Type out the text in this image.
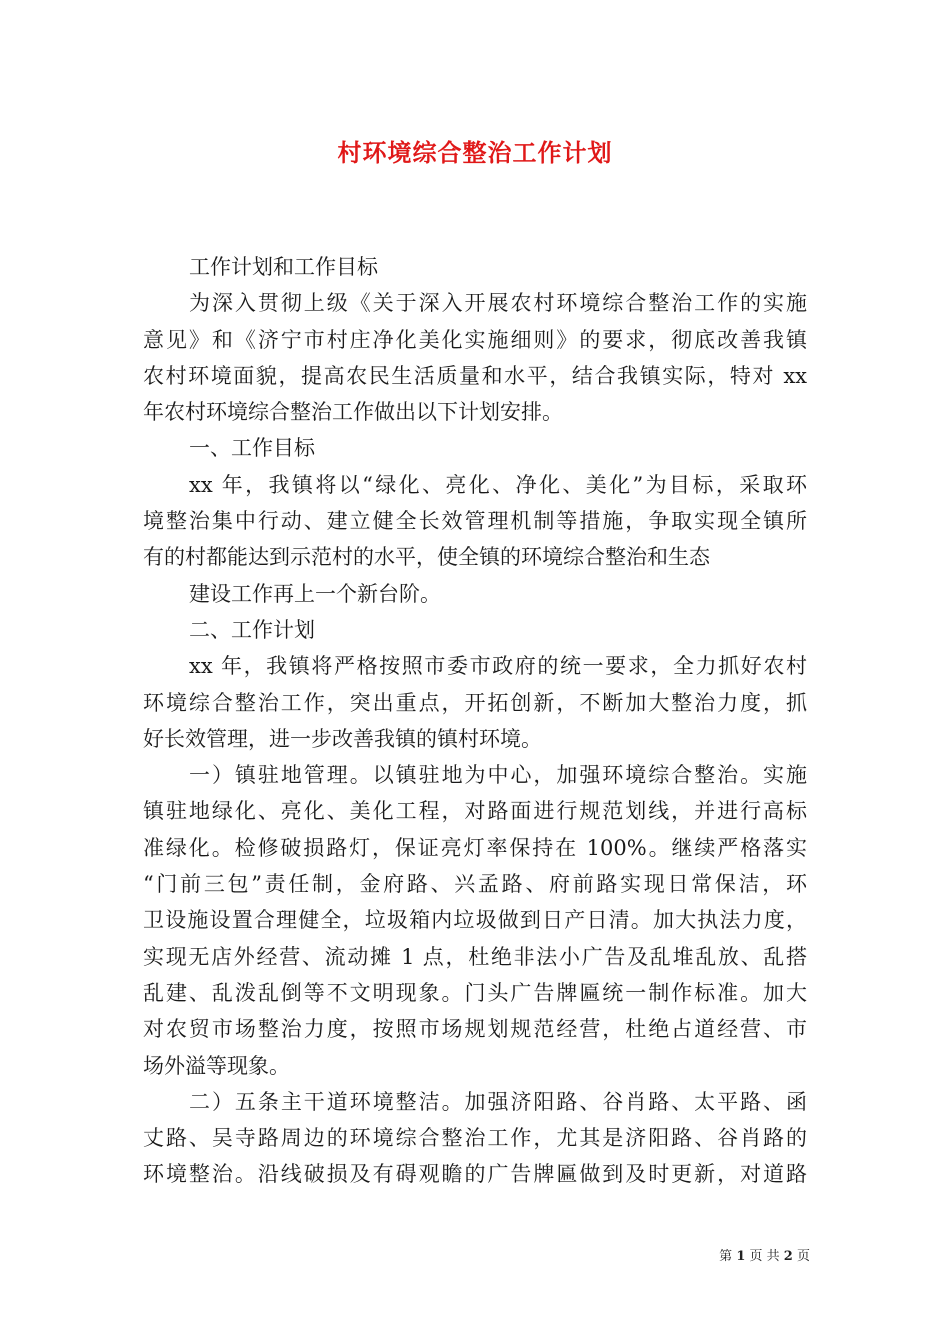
村环境综合整治工作计划
工作计划和工作目标
为深入贯彻上级《关于深入开展农村环境综合整治工作的实施
意见》和《济宁市村庄净化美化实施细则》的要求，彻底改善我镇
农村环境面貌，提高农民生活质量和水平，结合我镇实际，特对 xx
年农村环境综合整治工作做出以下计划安排。
一、工作目标
xx 年，我镇将以“绿化、亮化、净化、美化”为目标，采取环
境整治集中行动、建立健全长效管理机制等措施，争取实现全镇所
有的村都能达到示范村的水平，使全镇的环境综合整治和生态
建设工作再上一个新台阶。
二、工作计划
xx 年，我镇将严格按照市委市政府的统一要求，全力抓好农村
环境综合整治工作，突出重点，开拓创新，不断加大整治力度，抓
好长效管理，进一步改善我镇的镇村环境。
一）镇驻地管理。以镇驻地为中心，加强环境综合整治。实施
镇驻地绿化、亮化、美化工程，对路面进行规范划线，并进行高标
准绿化。检修破损路灯，保证亮灯率保持在 100%。继续严格落实
“门前三包”责任制，金府路、兴孟路、府前路实现日常保洁，环
卫设施设置合理健全，垃圾箱内垃圾做到日产日清。加大执法力度，
实现无店外经营、流动摊 1 点，杜绝非法小广告及乱堆乱放、乱搭
乱建、乱泼乱倒等不文明现象。门头广告牌匾统一制作标准。加大
对农贸市场整治力度，按照市场规划规范经营，杜绝占道经营、市
场外溢等现象。
二）五条主干道环境整洁。加强济阳路、谷肖路、太平路、函
丈路、吴寺路周边的环境综合整治工作，尤其是济阳路、谷肖路的
环境整治。沿线破损及有碍观瞻的广告牌匾做到及时更新，对道路
第 1 页 共 2 页
